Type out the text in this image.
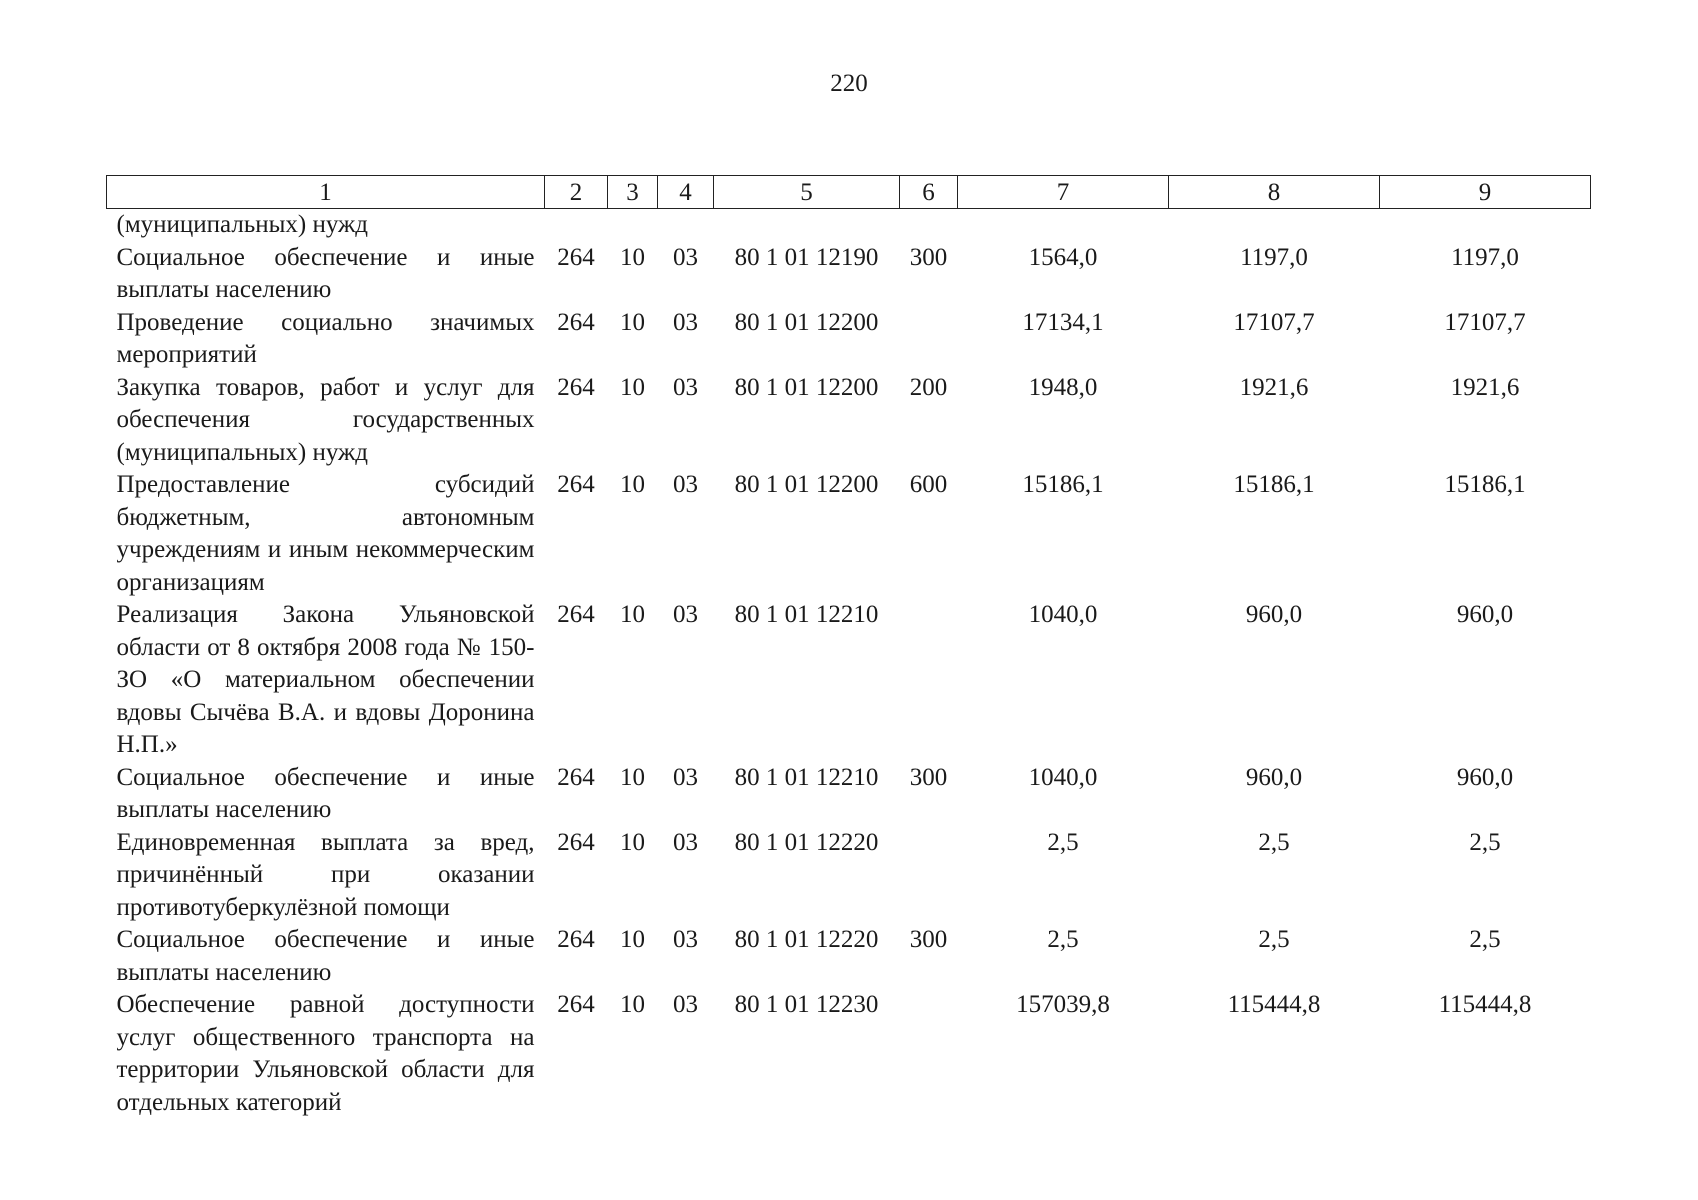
220
1	2	3	4	5	6	7	8	9
(муниципальных) нужд								
Социальное обеспечение и иные выплаты населению	264	10	03	80 1 01 12190	300	1564,0	1197,0	1197,0
Проведение социально значимых мероприятий	264	10	03	80 1 01 12200		17134,1	17107,7	17107,7
Закупка товаров, работ и услуг для обеспечения государственных (муниципальных) нужд	264	10	03	80 1 01 12200	200	1948,0	1921,6	1921,6
Предоставление субсидий бюджетным, автономным учреждениям и иным некоммерческим организациям	264	10	03	80 1 01 12200	600	15186,1	15186,1	15186,1
Реализация Закона Ульяновской области от 8 октября 2008 года № 150-ЗО «О материальном обеспечении вдовы Сычёва В.А. и вдовы Доронина Н.П.»	264	10	03	80 1 01 12210		1040,0	960,0	960,0
Социальное обеспечение и иные выплаты населению	264	10	03	80 1 01 12210	300	1040,0	960,0	960,0
Единовременная выплата за вред, причинённый при оказании противотуберкулёзной помощи	264	10	03	80 1 01 12220		2,5	2,5	2,5
Социальное обеспечение и иные выплаты населению	264	10	03	80 1 01 12220	300	2,5	2,5	2,5
Обеспечение равной доступности услуг общественного транспорта на территории Ульяновской области для отдельных категорий	264	10	03	80 1 01 12230		157039,8	115444,8	115444,8
